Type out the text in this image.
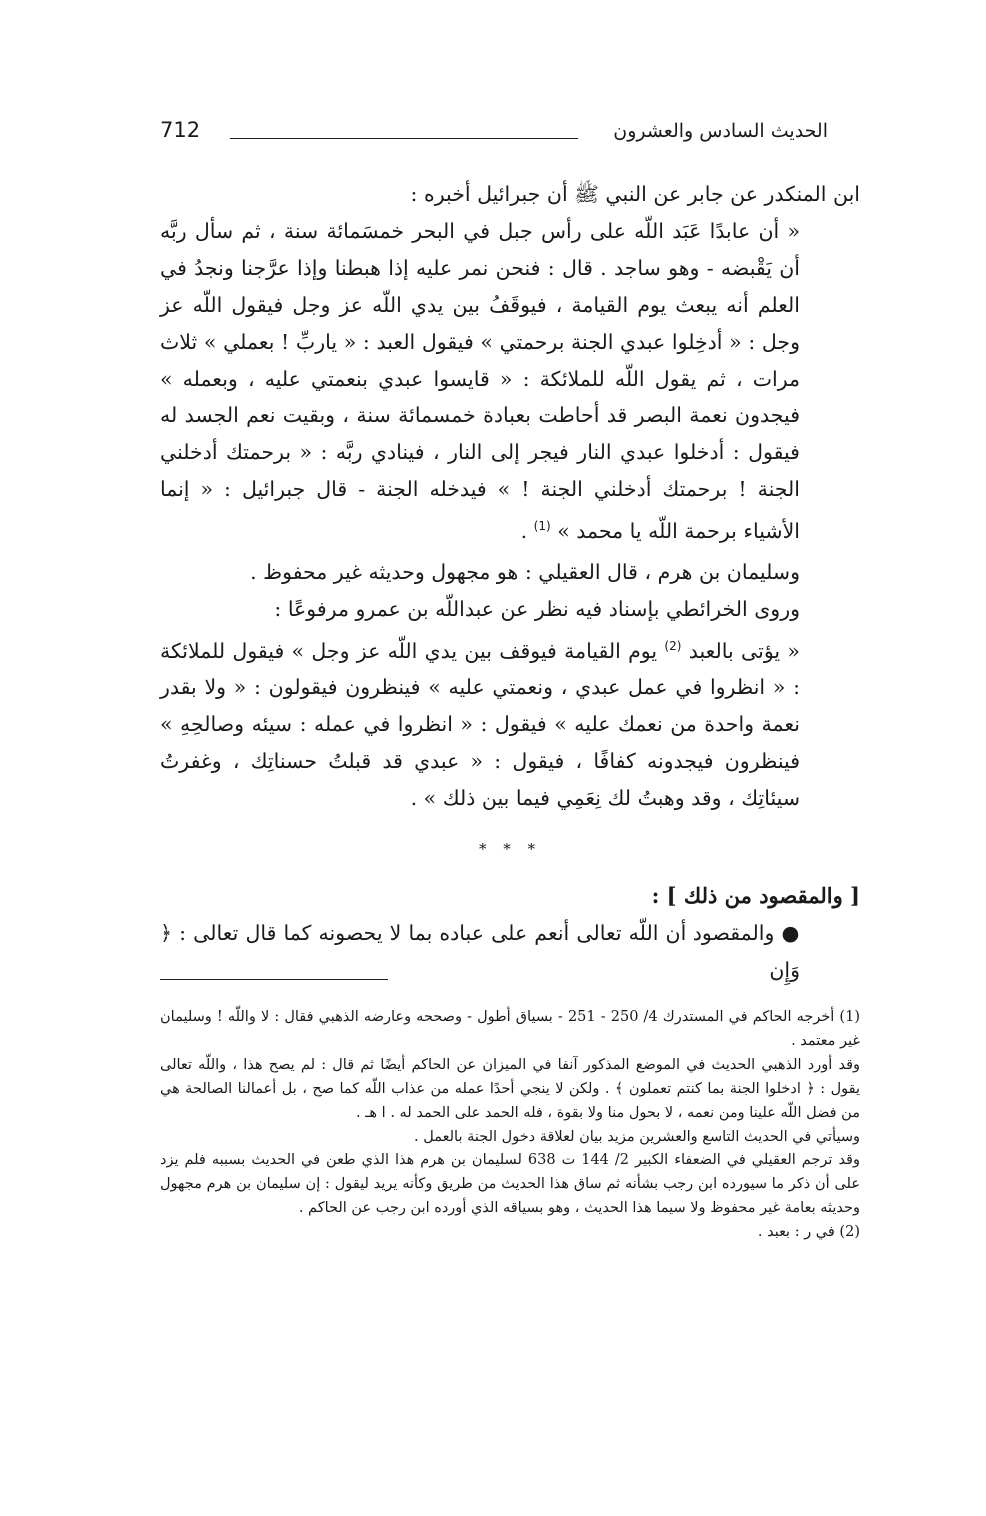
الحديث السادس والعشرون
712

ابن المنكدر عن جابر عن النبي ﷺ أن جبرائيل أخبره :

« أن عابدًا عَبَد اللّه على رأس جبل في البحر خمسَمائة سنة ، ثم سأل ربَّه أن يَقْبضه - وهو ساجد . قال : فنحن نمر عليه إذا هبطنا وإذا عرَّجنا ونجدُ في العلم أنه يبعث يوم القيامة ، فيوقَفُ بين يدي اللّه عز وجل فيقول اللّه عز وجل : « أدخِلوا عبدي الجنة برحمتي » فيقول العبد : « ياربِّ ! بعملي » ثلاث مرات ، ثم يقول اللّه للملائكة : « قايسوا عبدي بنعمتي عليه ، وبعمله » فيجدون نعمة البصر قد أحاطت بعبادة خمسمائة سنة ، وبقيت نعم الجسد له فيقول : أدخلوا عبدي النار فيجر إلى النار ، فينادي ربَّه : « برحمتك أدخلني الجنة ! برحمتك أدخلني الجنة ! » فيدخله الجنة - قال جبرائيل : « إنما الأشياء برحمة اللّه يا محمد » $^{(1)}$ .

وسليمان بن هرم ، قال العقيلي : هو مجهول وحديثه غير محفوظ .

وروى الخرائطي بإسناد فيه نظر عن عبداللّه بن عمرو مرفوعًا :

« يؤتى بالعبد $^{(2)}$ يوم القيامة فيوقف بين يدي اللّه عز وجل » فيقول للملائكة : « انظروا في عمل عبدي ، ونعمتي عليه » فينظرون فيقولون : « ولا بقدر نعمة واحدة من نعمك عليه » فيقول : « انظروا في عمله : سيئه وصالحِهِ » فينظرون فيجدونه كفافًا ، فيقول : « عبدي قد قبلتُ حسناتِك ، وغفرتُ سيئاتِك ، وقد وهبتُ لك نِعَمِي فيما بين ذلك » .

* * *

[ والمقصود من ذلك ] :

● والمقصود أن اللّه تعالى أنعم على عباده بما لا يحصونه كما قال تعالى : ﴿ وَإِن

(1) أخرجه الحاكم في المستدرك 4/ 250 - 251 - بسياق أطول - وصححه وعارضه الذهبي فقال : لا واللّه ! وسليمان غير معتمد .

وقد أورد الذهبي الحديث في الموضع المذكور آنفا في الميزان عن الحاكم أيضًا ثم قال : لم يصح هذا ، واللّه تعالى يقول : ﴿ ادخلوا الجنة بما كنتم تعملون ﴾ . ولكن لا ينجي أحدًا عمله من عذاب اللّه كما صح ، بل أعمالنا الصالحة هي من فضل اللّه علينا ومن نعمه ، لا بحول منا ولا بقوة ، فله الحمد على الحمد له . ا هـ .

وسيأتي في الحديث التاسع والعشرين مزيد بيان لعلاقة دخول الجنة بالعمل .

وقد ترجم العقيلي في الضعفاء الكبير 2/ 144 ت 638 لسليمان بن هرم هذا الذي طعن في الحديث بسببه فلم يزد على أن ذكر ما سيورده ابن رجب بشأنه ثم ساق هذا الحديث من طريق وكأنه يريد ليقول : إن سليمان بن هرم مجهول وحديثه بعامة غير محفوظ ولا سيما هذا الحديث ، وهو بسياقه الذي أورده ابن رجب عن الحاكم .

(2) في ر : بعبد .
